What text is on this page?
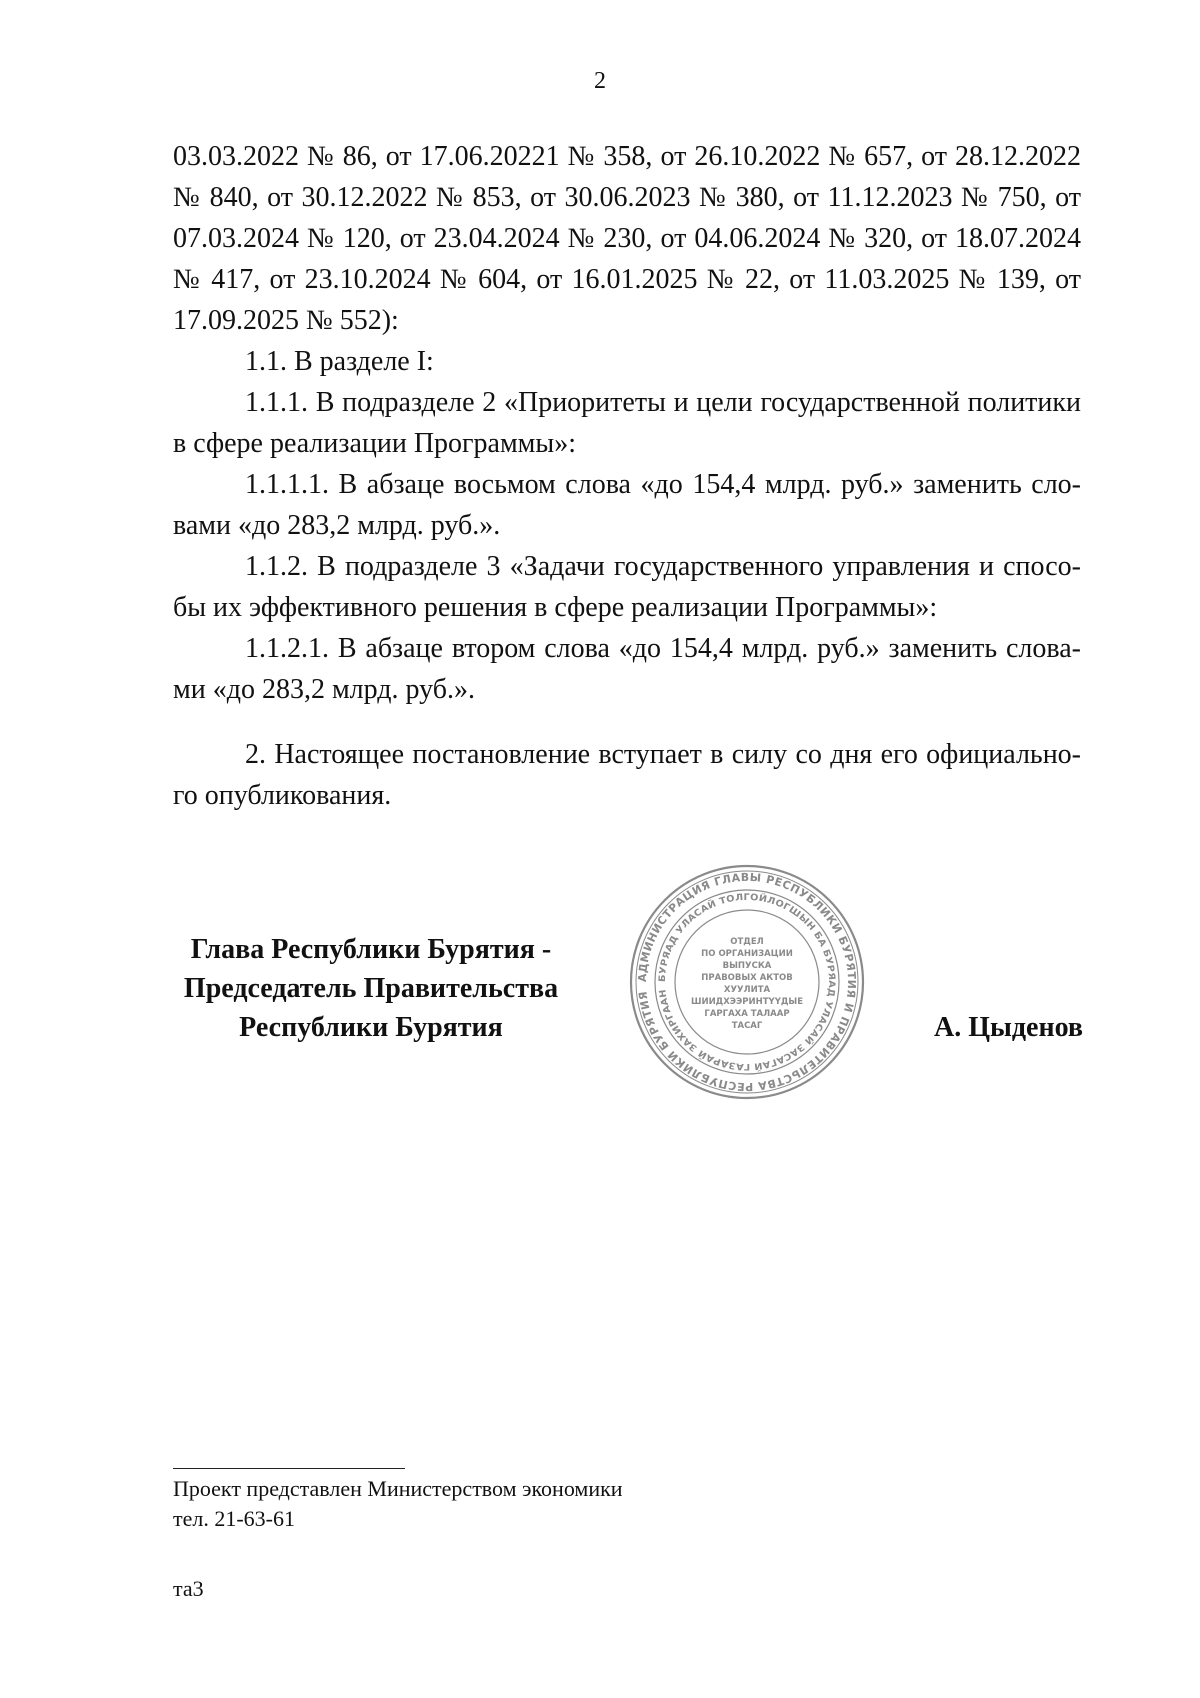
2

03.03.2022 № 86, от 17.06.20221 № 358, от 26.10.2022 № 657, от 28.12.2022 № 840, от 30.12.2022 № 853, от 30.06.2023 № 380, от 11.12.2023 № 750, от 07.03.2024 № 120, от 23.04.2024 № 230, от 04.06.2024 № 320, от 18.07.2024 № 417, от 23.10.2024 № 604, от 16.01.2025 № 22, от 11.03.2025 № 139, от 17.09.2025 № 552):

1.1. В разделе I:

1.1.1. В подразделе 2 «Приоритеты и цели государственной политики в сфере реализации Программы»:

1.1.1.1. В абзаце восьмом слова «до 154,4 млрд. руб.» заменить словами «до 283,2 млрд. руб.».

1.1.2. В подразделе 3 «Задачи государственного управления и способы их эффективного решения в сфере реализации Программы»:

1.1.2.1. В абзаце втором слова «до 154,4 млрд. руб.» заменить словами «до 283,2 млрд. руб.».

2. Настоящее постановление вступает в силу со дня его официального опубликования.

Глава Республики Бурятия -
Председатель Правительства
Республики Бурятия
АДМИНИСТРАЦИЯ ГЛАВЫ РЕСПУБЛИКИ БУРЯТИЯ И ПРАВИТЕЛЬСТВА РЕСПУБЛИКИ БУРЯТИЯ
БУРЯАД УЛАСАЙ ТОЛГОЙЛОГШЫН БА БУРЯАД УЛАСАЙ ЗАСАГАЙ ГАЗАРАЙ ЗАХИРГААН
ОТДЕЛ
ПО ОРГАНИЗАЦИИ
ВЫПУСКА
ПРАВОВЫХ АКТОВ
ХУУЛИТА
ШИИДХЭЭРИНТҮҮДЫЕ
ГАРГАХА ТАЛААР
ТАСАГ	А. Цыденов
Проект представлен Министерством экономики
тел. 21-63-61
та3
